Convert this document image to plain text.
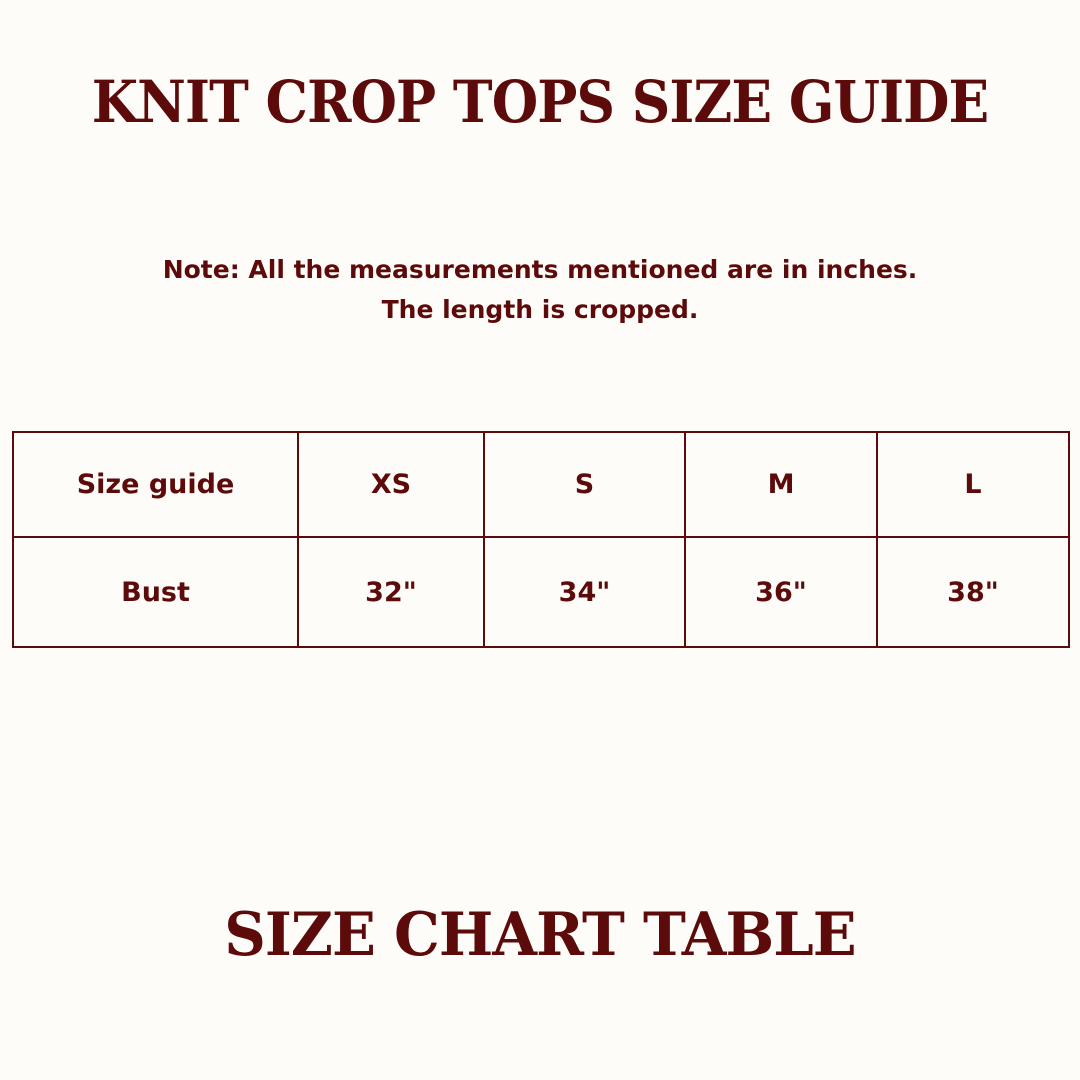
KNIT CROP TOPS SIZE GUIDE
Note: All the measurements mentioned are in inches.
The length is cropped.
Size guide	XS	S	M	L
Bust	32"	34"	36"	38"
SIZE CHART TABLE
